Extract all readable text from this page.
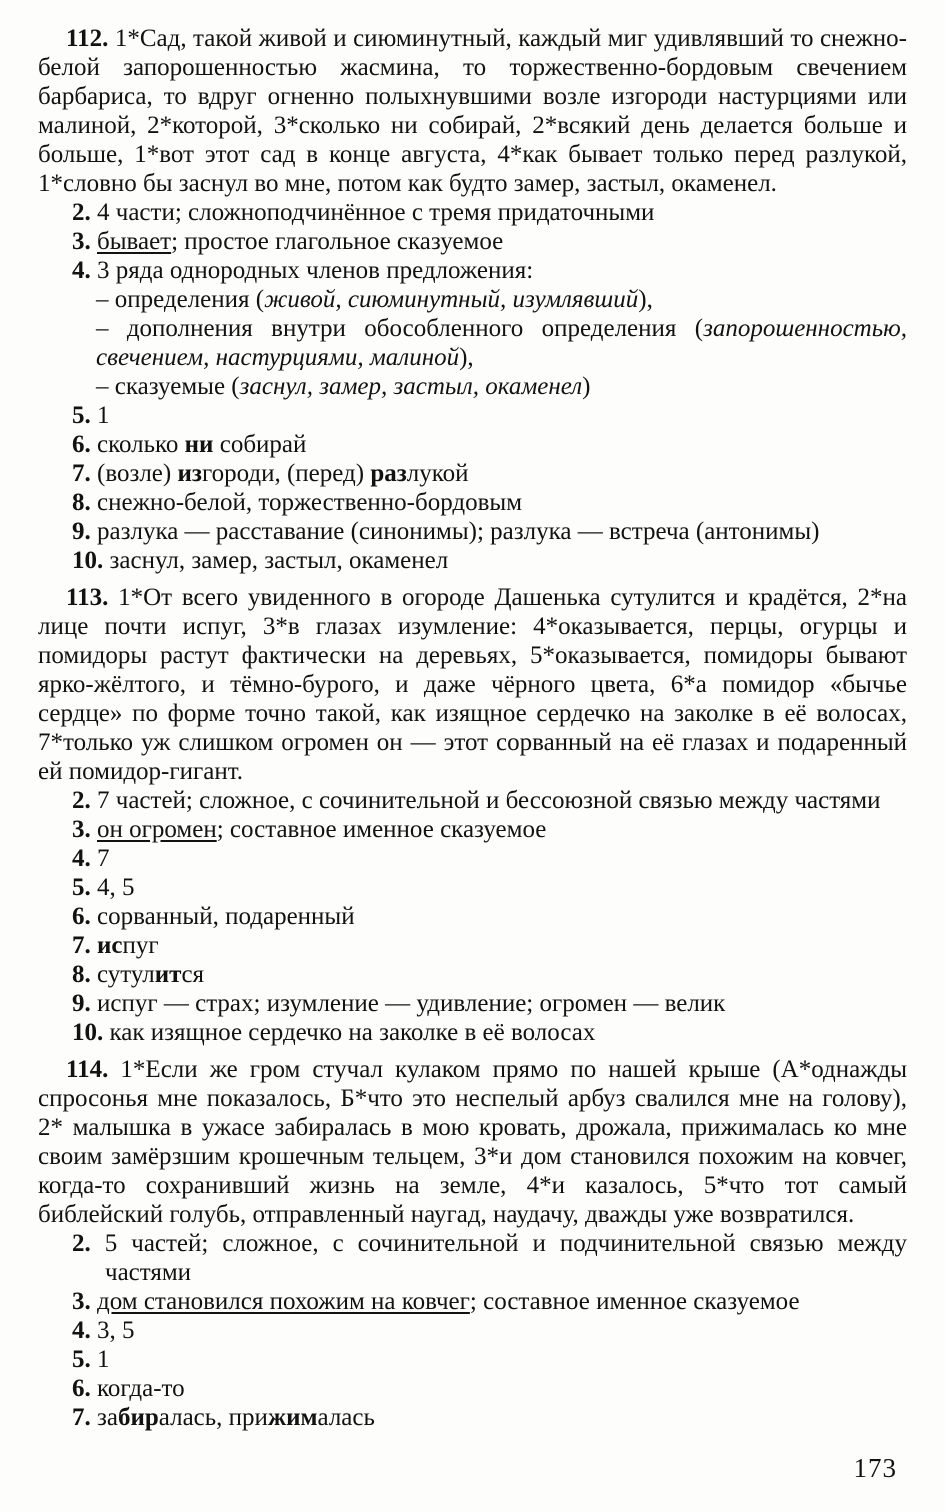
112. 1*Сад, такой живой и сиюминутный, каждый миг удивлявший то снежно-белой запорошенностью жасмина, то торжественно-бордовым свечением барбариса, то вдруг огненно полыхнувшими возле изгороди настурциями или малиной, 2*которой, 3*сколько ни собирай, 2*всякий день делается больше и больше, 1*вот этот сад в конце августа, 4*как бывает только перед разлукой, 1*словно бы заснул во мне, потом как будто замер, застыл, окаменел.
2. 4 части; сложноподчинённое с тремя придаточными
3. бывает; простое глагольное сказуемое
4. 3 ряда однородных членов предложения:
– определения (живой, сиюминутный, изумлявший),
– дополнения внутри обособленного определения (запорошенностью, свечением, настурциями, малиной),
– сказуемые (заснул, замер, застыл, окаменел)
5. 1
6. сколько ни собирай
7. (возле) изгороди, (перед) разлукой
8. снежно-белой, торжественно-бордовым
9. разлука — расставание (синонимы); разлука — встреча (антонимы)
10. заснул, замер, застыл, окаменел
113. 1*От всего увиденного в огороде Дашенька сутулится и крадётся, 2*на лице почти испуг, 3*в глазах изумление: 4*оказывается, перцы, огурцы и помидоры растут фактически на деревьях, 5*оказывается, помидоры бывают ярко-жёлтого, и тёмно-бурого, и даже чёрного цвета, 6*а помидор «бычье сердце» по форме точно такой, как изящное сердечко на заколке в её волосах, 7*только уж слишком огромен он — этот сорванный на её глазах и подаренный ей помидор-гигант.
2. 7 частей; сложное, с сочинительной и бессоюзной связью между частями
3. он огромен; составное именное сказуемое
4. 7
5. 4, 5
6. сорванный, подаренный
7. испуг
8. сутулится
9. испуг — страх; изумление — удивление; огромен — велик
10. как изящное сердечко на заколке в её волосах
114. 1*Если же гром стучал кулаком прямо по нашей крыше (А*однажды спросонья мне показалось, Б*что это неспелый арбуз свалился мне на голову), 2* малышка в ужасе забиралась в мою кровать, дрожала, прижималась ко мне своим замёрзшим крошечным тельцем, 3*и дом становился похожим на ковчег, когда-то сохранивший жизнь на земле, 4*и казалось, 5*что тот самый библейский голубь, отправленный наугад, наудачу, дважды уже возвратился.
2. 5 частей; сложное, с сочинительной и подчинительной связью между частями
3. дом становился похожим на ковчег; составное именное сказуемое
4. 3, 5
5. 1
6. когда-то
7. забиралась, прижималась
173
